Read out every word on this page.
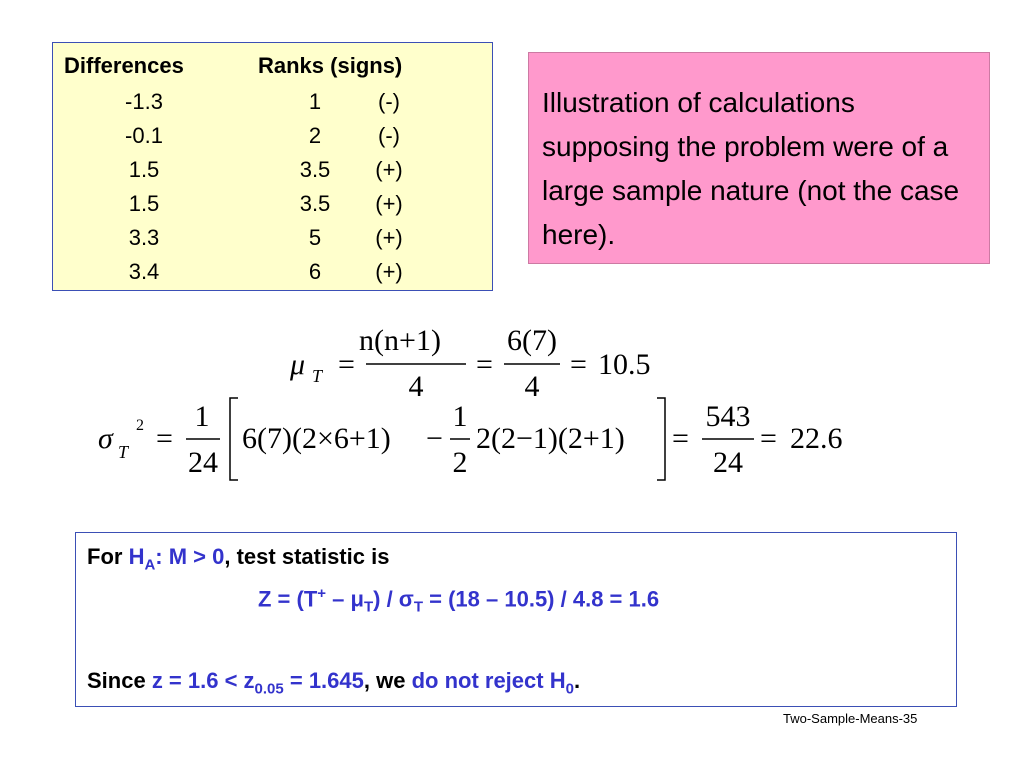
Differences	Ranks (signs)
-1.3	1	(-)
-0.1	2	(-)
1.5	3.5	(+)
1.5	3.5	(+)
3.3	5	(+)
3.4	6	(+)
Illustration of calculations supposing the problem were of a large sample nature (not the case here).
μ T =
n(n+1)
4
=
6(7)
4
= 10.5
σ T
2 =
1
24
6(7)(2×6+1) −
1
2
2(2−1)(2+1) =
543
24
= 22.6
For $H_A$: M > 0, test statistic is
$Z = (T^+ - \mu_T) / \sigma_T = (18 - 10.5) / 4.8 = 1.6$
Since $z = 1.6 < z_{0.05} = 1.645$, we do not reject $H_0$.
Two-Sample-Means-35
